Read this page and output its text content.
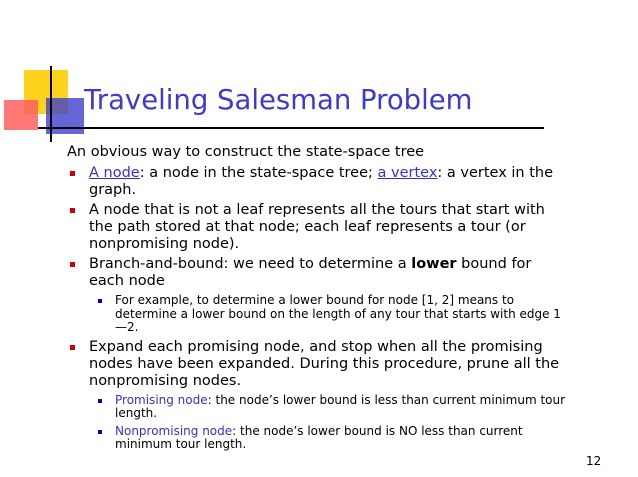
Traveling Salesman Problem

An obvious way to construct the state-space tree

A node: a node in the state-space tree; a vertex: a vertex in the graph.
A node that is not a leaf represents all the tours that start with the path stored at that node; each leaf represents a tour (or nonpromising node).
Branch-and-bound: we need to determine a lower bound for each node
For example, to determine a lower bound for node [1, 2] means to determine a lower bound on the length of any tour that starts with edge 1—2.
Expand each promising node, and stop when all the promising nodes have been expanded. During this procedure, prune all the nonpromising nodes.
Promising node: the node’s lower bound is less than current minimum tour length.
Nonpromising node: the node’s lower bound is NO less than current minimum tour length.
12
